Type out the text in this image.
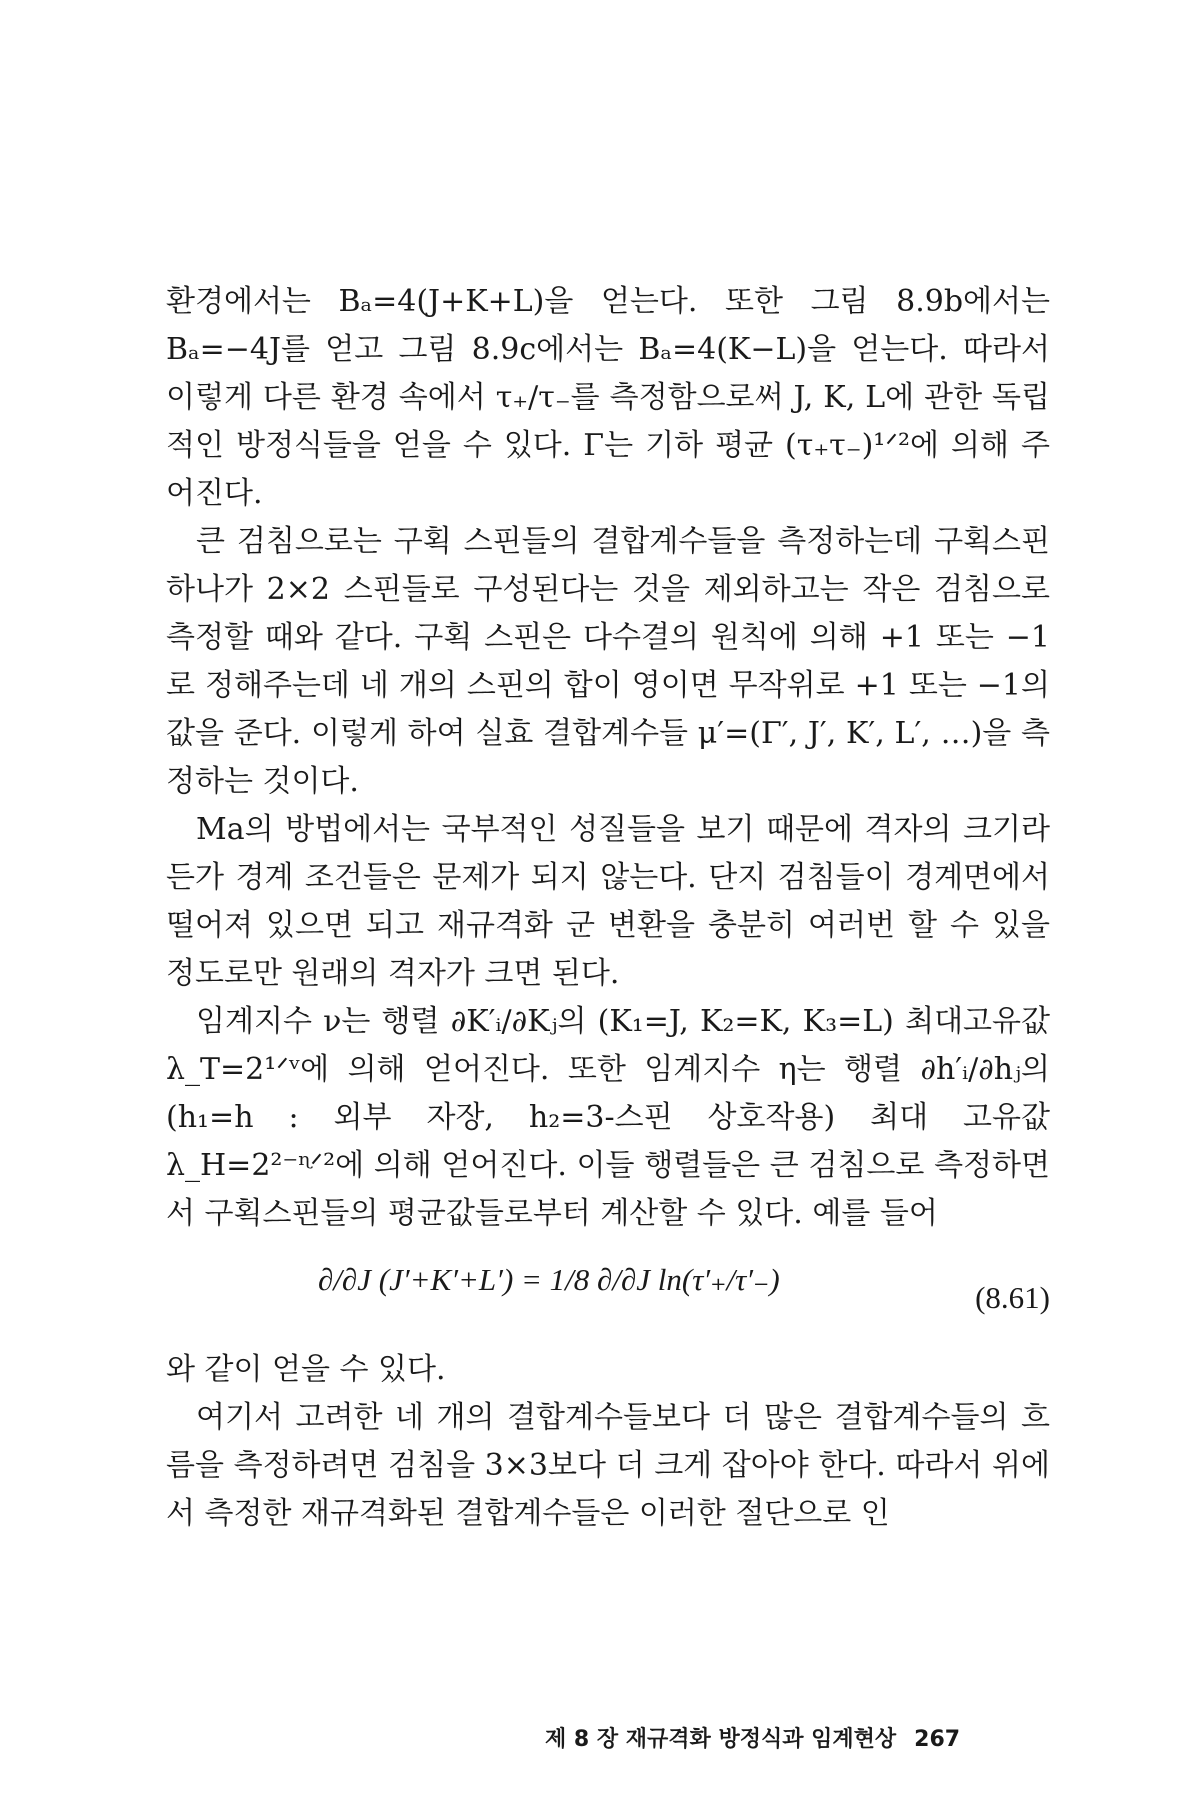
환경에서는 Bₐ=4(J+K+L)을 얻는다. 또한 그림 8.9b에서는 Bₐ=−4J를 얻고 그림 8.9c에서는 Bₐ=4(K−L)을 얻는다. 따라서 이렇게 다른 환경 속에서 τ₊/τ₋를 측정함으로써 J, K, L에 관한 독립적인 방정식들을 얻을 수 있다. Γ는 기하 평균 (τ₊τ₋)¹ᐟ²에 의해 주어진다.

큰 검침으로는 구획 스핀들의 결합계수들을 측정하는데 구획스핀 하나가 2×2 스핀들로 구성된다는 것을 제외하고는 작은 검침으로 측정할 때와 같다. 구획 스핀은 다수결의 원칙에 의해 +1 또는 −1로 정해주는데 네 개의 스핀의 합이 영이면 무작위로 +1 또는 −1의 값을 준다. 이렇게 하여 실효 결합계수들 μ′=(Γ′, J′, K′, L′, …)을 측정하는 것이다.

Ma의 방법에서는 국부적인 성질들을 보기 때문에 격자의 크기라든가 경계 조건들은 문제가 되지 않는다. 단지 검침들이 경계면에서 떨어져 있으면 되고 재규격화 군 변환을 충분히 여러번 할 수 있을 정도로만 원래의 격자가 크면 된다.

임계지수 ν는 행렬 ∂K′ᵢ/∂Kⱼ의 (K₁=J, K₂=K, K₃=L) 최대고유값 λ_T=2¹ᐟᵛ에 의해 얻어진다. 또한 임계지수 η는 행렬 ∂h′ᵢ/∂hⱼ의 (h₁=h : 외부 자장, h₂=3-스핀 상호작용) 최대 고유값 λ_H=2²⁻ᶯᐟ²에 의해 얻어진다. 이들 행렬들은 큰 검침으로 측정하면서 구획스핀들의 평균값들로부터 계산할 수 있다. 예를 들어

∂/∂J (J′+K′+L′) = 1/8 ∂/∂J ln(τ′₊/τ′₋)
(8.61)

와 같이 얻을 수 있다.

여기서 고려한 네 개의 결합계수들보다 더 많은 결합계수들의 흐름을 측정하려면 검침을 3×3보다 더 크게 잡아야 한다. 따라서 위에서 측정한 재규격화된 결합계수들은 이러한 절단으로 인

제 8 장 재규격화 방정식과 임계현상 267
